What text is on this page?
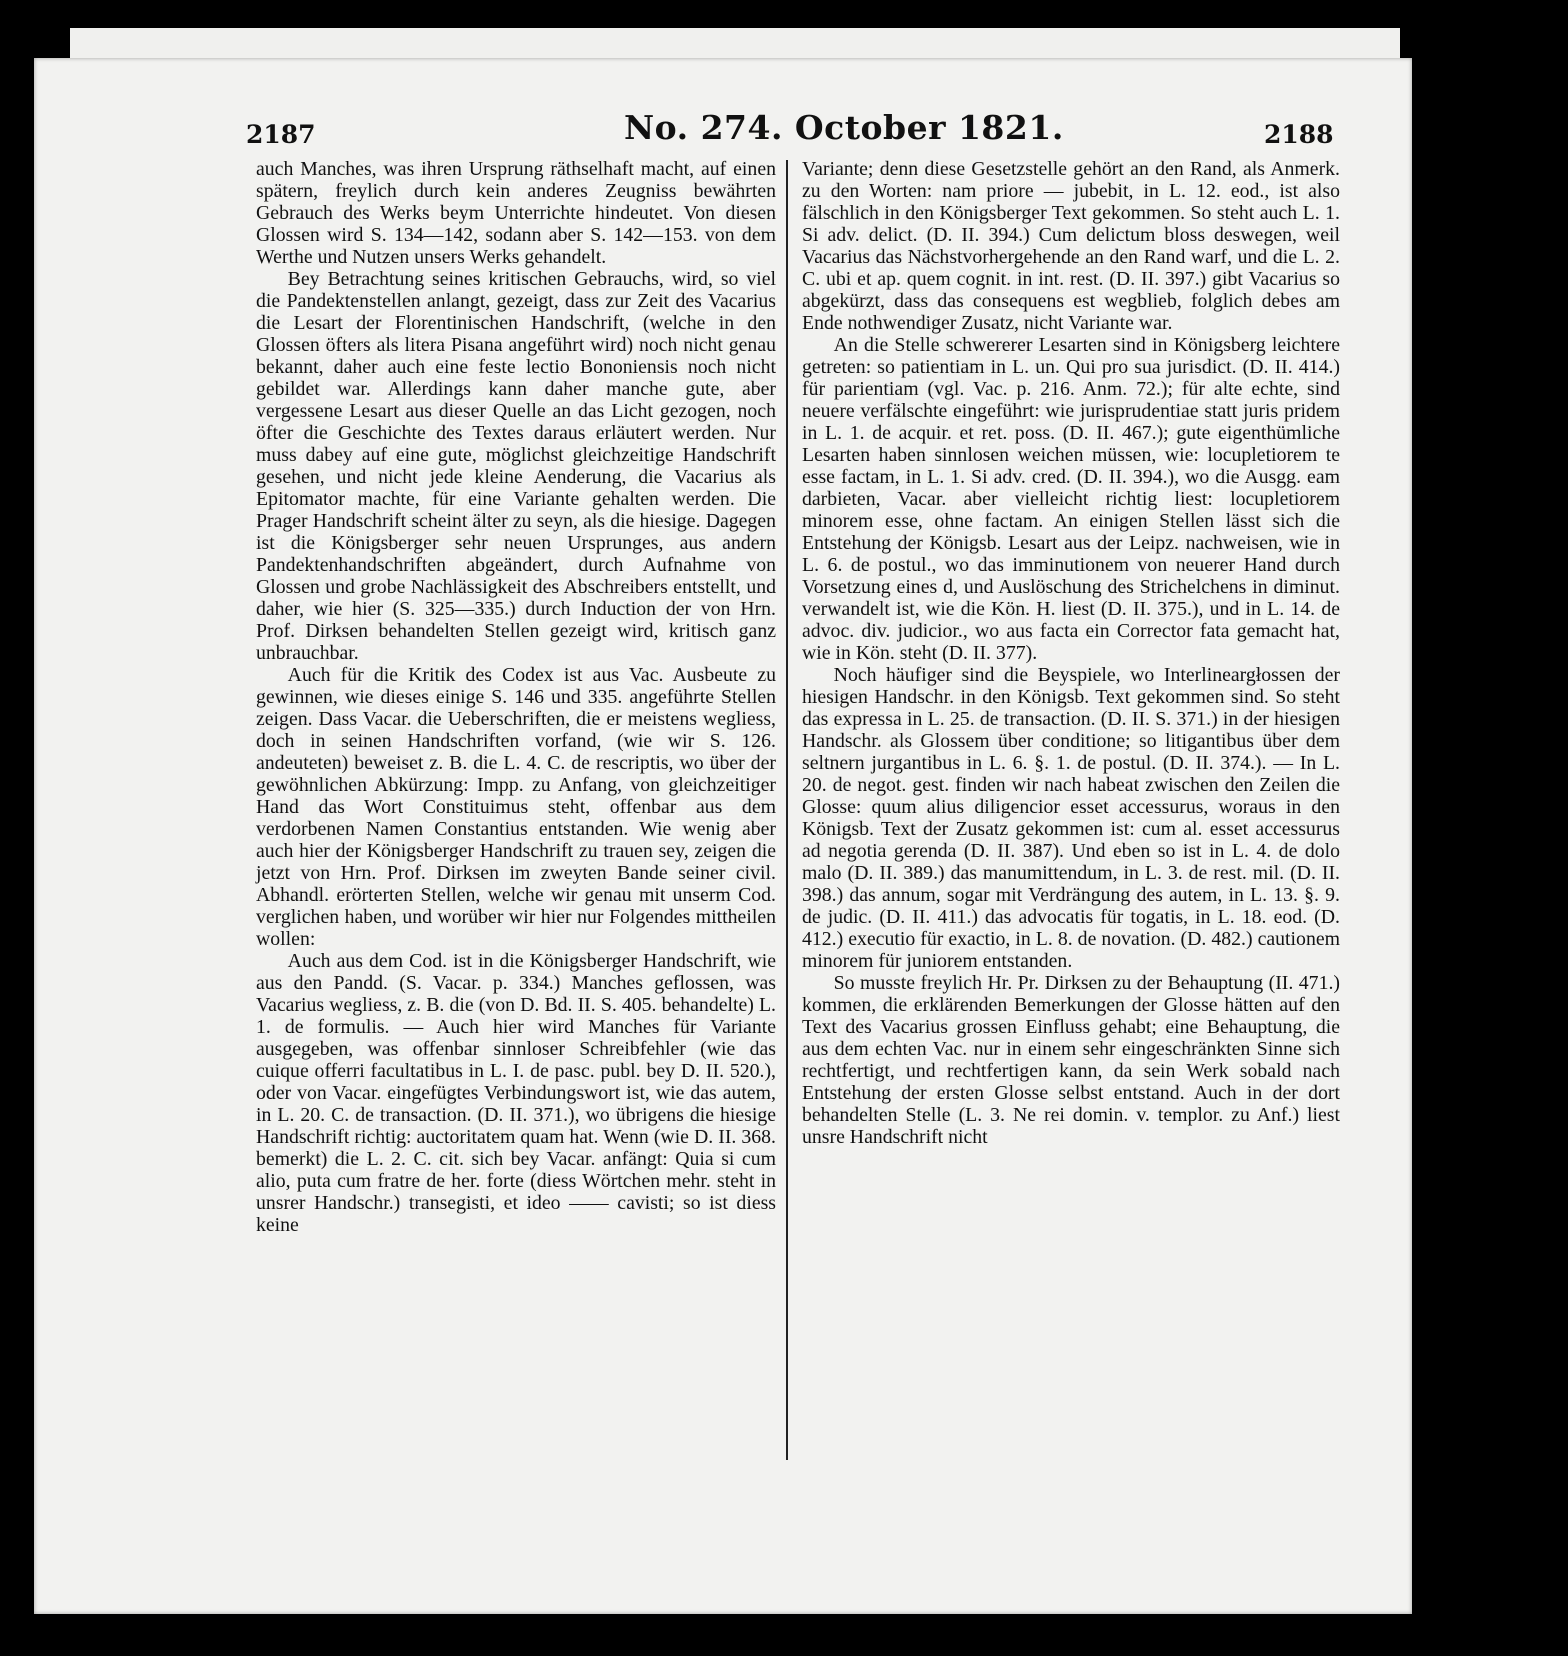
2187	No. 274. October 1821.	2188

auch Manches, was ihren Ursprung räthselhaft macht, auf einen spätern, freylich durch kein anderes Zeugniss bewährten Gebrauch des Werks beym Unterrichte hindeutet. Von diesen Glossen wird S. 134—142, sodann aber S. 142—153. von dem Werthe und Nutzen unsers Werks gehandelt.

Bey Betrachtung seines kritischen Gebrauchs, wird, so viel die Pandektenstellen anlangt, gezeigt, dass zur Zeit des Vacarius die Lesart der Florentinischen Handschrift, (welche in den Glossen öfters als litera Pisana angeführt wird) noch nicht genau bekannt, daher auch eine feste lectio Bononiensis noch nicht gebildet war. Allerdings kann daher manche gute, aber vergessene Lesart aus dieser Quelle an das Licht gezogen, noch öfter die Geschichte des Textes daraus erläutert werden. Nur muss dabey auf eine gute, möglichst gleichzeitige Handschrift gesehen, und nicht jede kleine Aenderung, die Vacarius als Epitomator machte, für eine Variante gehalten werden. Die Prager Handschrift scheint älter zu seyn, als die hiesige. Dagegen ist die Königsberger sehr neuen Ursprunges, aus andern Pandektenhandschriften abgeändert, durch Aufnahme von Glossen und grobe Nachlässigkeit des Abschreibers entstellt, und daher, wie hier (S. 325—335.) durch Induction der von Hrn. Prof. Dirksen behandelten Stellen gezeigt wird, kritisch ganz unbrauchbar.

Auch für die Kritik des Codex ist aus Vac. Ausbeute zu gewinnen, wie dieses einige S. 146 und 335. angeführte Stellen zeigen. Dass Vacar. die Ueberschriften, die er meistens wegliess, doch in seinen Handschriften vorfand, (wie wir S. 126. andeuteten) beweiset z. B. die L. 4. C. de rescriptis, wo über der gewöhnlichen Abkürzung: Impp. zu Anfang, von gleichzeitiger Hand das Wort Constituimus steht, offenbar aus dem verdorbenen Namen Constantius entstanden. Wie wenig aber auch hier der Königsberger Handschrift zu trauen sey, zeigen die jetzt von Hrn. Prof. Dirksen im zweyten Bande seiner civil. Abhandl. erörterten Stellen, welche wir genau mit unserm Cod. verglichen haben, und worüber wir hier nur Folgendes mittheilen wollen:

Auch aus dem Cod. ist in die Königsberger Handschrift, wie aus den Pandd. (S. Vacar. p. 334.) Manches geflossen, was Vacarius wegliess, z. B. die (von D. Bd. II. S. 405. behandelte) L. 1. de formulis. — Auch hier wird Manches für Variante ausgegeben, was offenbar sinnloser Schreibfehler (wie das cuique offerri facultatibus in L. I. de pasc. publ. bey D. II. 520.), oder von Vacar. eingefügtes Verbindungswort ist, wie das autem, in L. 20. C. de transaction. (D. II. 371.), wo übrigens die hiesige Handschrift richtig: auctoritatem quam hat. Wenn (wie D. II. 368. bemerkt) die L. 2. C. cit. sich bey Vacar. anfängt: Quia si cum alio, puta cum fratre de her. forte (diess Wörtchen mehr. steht in unsrer Handschr.) transegisti, et ideo —— cavisti; so ist diess keine

Variante; denn diese Gesetzstelle gehört an den Rand, als Anmerk. zu den Worten: nam priore — jubebit, in L. 12. eod., ist also fälschlich in den Königsberger Text gekommen. So steht auch L. 1. Si adv. delict. (D. II. 394.) Cum delictum bloss deswegen, weil Vacarius das Nächstvorhergehende an den Rand warf, und die L. 2. C. ubi et ap. quem cognit. in int. rest. (D. II. 397.) gibt Vacarius so abgekürzt, dass das consequens est wegblieb, folglich debes am Ende nothwendiger Zusatz, nicht Variante war.

An die Stelle schwererer Lesarten sind in Königsberg leichtere getreten: so patientiam in L. un. Qui pro sua jurisdict. (D. II. 414.) für parientiam (vgl. Vac. p. 216. Anm. 72.); für alte echte, sind neuere verfälschte eingeführt: wie jurisprudentiae statt juris pridem in L. 1. de acquir. et ret. poss. (D. II. 467.); gute eigenthümliche Lesarten haben sinnlosen weichen müssen, wie: locupletiorem te esse factam, in L. 1. Si adv. cred. (D. II. 394.), wo die Ausgg. eam darbieten, Vacar. aber vielleicht richtig liest: locupletiorem minorem esse, ohne factam. An einigen Stellen lässt sich die Entstehung der Königsb. Lesart aus der Leipz. nachweisen, wie in L. 6. de postul., wo das imminutionem von neuerer Hand durch Vorsetzung eines d, und Auslöschung des Strichelchens in diminut. verwandelt ist, wie die Kön. H. liest (D. II. 375.), und in L. 14. de advoc. div. judicior., wo aus facta ein Corrector fata gemacht hat, wie in Kön. steht (D. II. 377).

Noch häufiger sind die Beyspiele, wo Interlineargłossen der hiesigen Handschr. in den Königsb. Text gekommen sind. So steht das expressa in L. 25. de transaction. (D. II. S. 371.) in der hiesigen Handschr. als Glossem über conditione; so litigantibus über dem seltnern jurgantibus in L. 6. §. 1. de postul. (D. II. 374.). — In L. 20. de negot. gest. finden wir nach habeat zwischen den Zeilen die Glosse: quum alius diligencior esset accessurus, woraus in den Königsb. Text der Zusatz gekommen ist: cum al. esset accessurus ad negotia gerenda (D. II. 387). Und eben so ist in L. 4. de dolo malo (D. II. 389.) das manumittendum, in L. 3. de rest. mil. (D. II. 398.) das annum, sogar mit Verdrängung des autem, in L. 13. §. 9. de judic. (D. II. 411.) das advocatis für togatis, in L. 18. eod. (D. 412.) executio für exactio, in L. 8. de novation. (D. 482.) cautionem minorem für juniorem entstanden.

So musste freylich Hr. Pr. Dirksen zu der Behauptung (II. 471.) kommen, die erklärenden Bemerkungen der Glosse hätten auf den Text des Vacarius grossen Einfluss gehabt; eine Behauptung, die aus dem echten Vac. nur in einem sehr eingeschränkten Sinne sich rechtfertigt, und rechtfertigen kann, da sein Werk sobald nach Entstehung der ersten Glosse selbst entstand. Auch in der dort behandelten Stelle (L. 3. Ne rei domin. v. templor. zu Anf.) liest unsre Handschrift nicht
